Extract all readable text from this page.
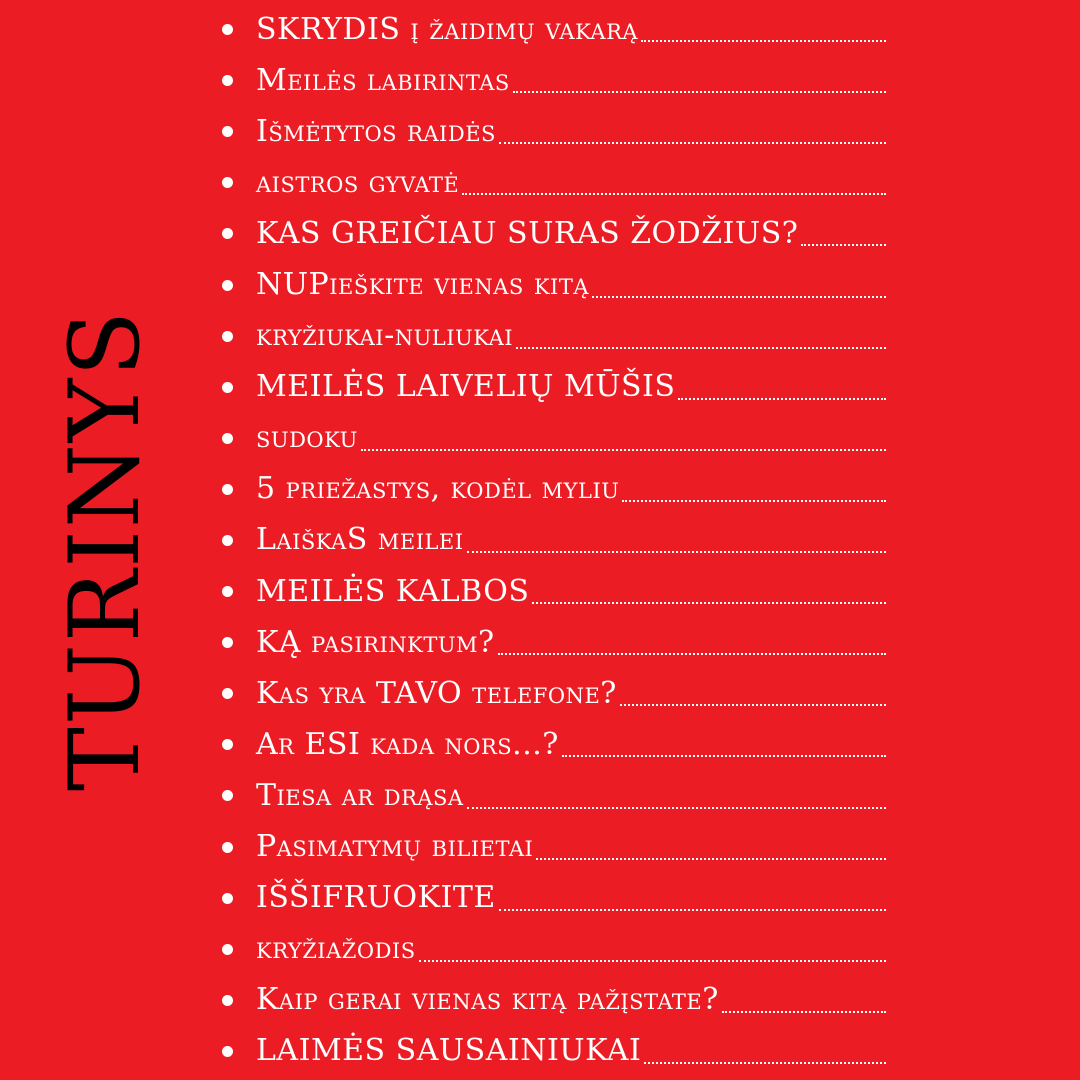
TURINYS
SKRYDIS į žaidimų vakarą
Meilės labirintas
Išmėtytos raidės
aistros gyvatė
KAS GREIČIAU SURAS ŽODŽIUS?
NUPieškite vienas kitą
kryžiukai-nuliukai
MEILĖS LAIVELIŲ MŪŠIS
sudoku
5 priežastys, kodėl myliu
LaiškaS meilei
MEILĖS KALBOS
KĄ pasirinktum?
Kas yra TAVO telefone?
Ar ESI kada nors...?
Tiesa ar drąsa
Pasimatymų bilietai
IŠŠIFRUOKITE
kryžiažodis
Kaip gerai vienas kitą pažįstate?
LAIMĖS SAUSAINIUKAI
